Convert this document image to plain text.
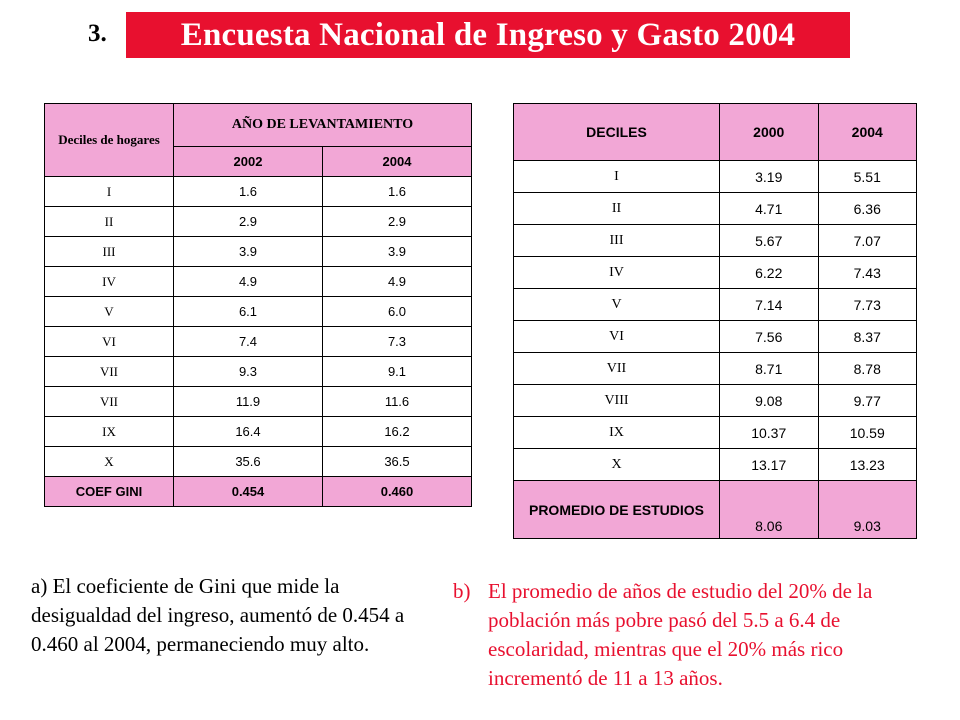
3.	Encuesta Nacional de Ingreso y Gasto 2004
Deciles de hogares	AÑO DE LEVANTAMIENTO	
	2002	2004
I	1.6	1.6
II	2.9	2.9
III	3.9	3.9
IV	4.9	4.9
V	6.1	6.0
VI	7.4	7.3
VII	9.3	9.1
VII	11.9	11.6
IX	16.4	16.2
X	35.6	36.5
COEF GINI	0.454	0.460
DECILES	2000	2004
I	3.19	5.51
II	4.71	6.36
III	5.67	7.07
IV	6.22	7.43
V	7.14	7.73
VI	7.56	8.37
VII	8.71	8.78
VIII	9.08	9.77
IX	10.37	10.59
X	13.17	13.23
PROMEDIO DE ESTUDIOS	8.06	9.03
a) El coeficiente de Gini que mide la desigualdad del ingreso, aumentó de 0.454 a 0.460 al 2004, permaneciendo muy alto.
b) El promedio de años de estudio del 20% de la población más pobre pasó del 5.5 a 6.4 de escolaridad, mientras que el 20% más rico incrementó de 11 a 13 años.
